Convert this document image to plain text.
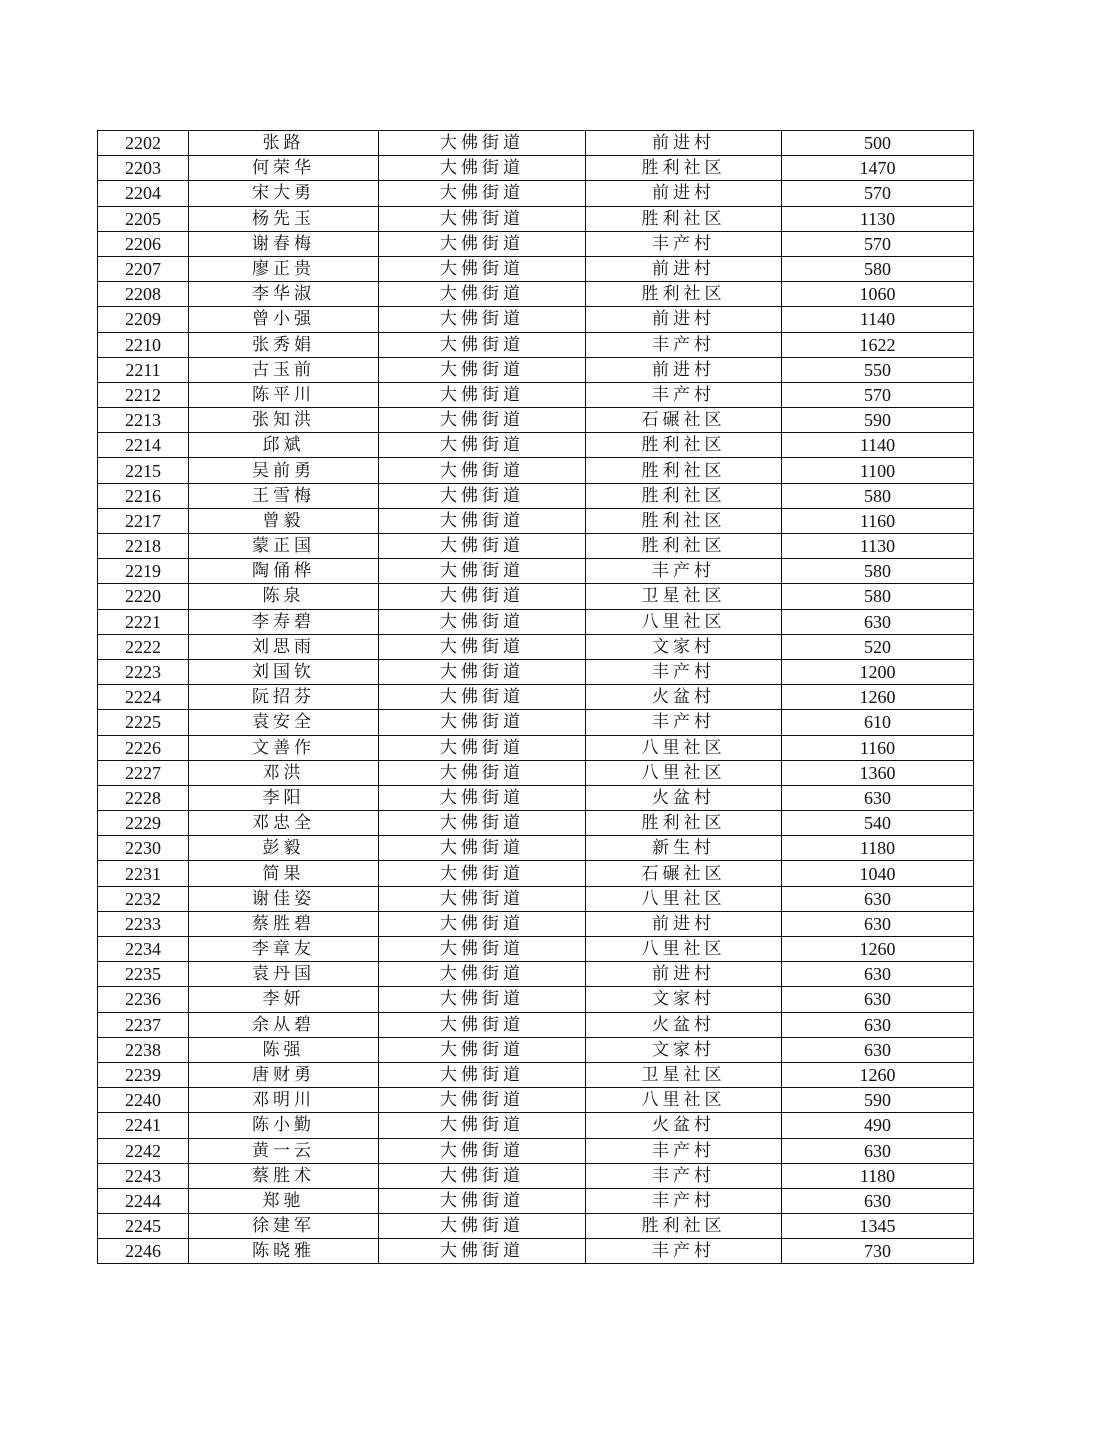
2202	张路	大佛街道	前进村	500
2203	何荣华	大佛街道	胜利社区	1470
2204	宋大勇	大佛街道	前进村	570
2205	杨先玉	大佛街道	胜利社区	1130
2206	谢春梅	大佛街道	丰产村	570
2207	廖正贵	大佛街道	前进村	580
2208	李华淑	大佛街道	胜利社区	1060
2209	曾小强	大佛街道	前进村	1140
2210	张秀娟	大佛街道	丰产村	1622
2211	古玉前	大佛街道	前进村	550
2212	陈平川	大佛街道	丰产村	570
2213	张知洪	大佛街道	石碾社区	590
2214	邱斌	大佛街道	胜利社区	1140
2215	吴前勇	大佛街道	胜利社区	1100
2216	王雪梅	大佛街道	胜利社区	580
2217	曾毅	大佛街道	胜利社区	1160
2218	蒙正国	大佛街道	胜利社区	1130
2219	陶俑桦	大佛街道	丰产村	580
2220	陈泉	大佛街道	卫星社区	580
2221	李寿碧	大佛街道	八里社区	630
2222	刘思雨	大佛街道	文家村	520
2223	刘国钦	大佛街道	丰产村	1200
2224	阮招芬	大佛街道	火盆村	1260
2225	袁安全	大佛街道	丰产村	610
2226	文善作	大佛街道	八里社区	1160
2227	邓洪	大佛街道	八里社区	1360
2228	李阳	大佛街道	火盆村	630
2229	邓忠全	大佛街道	胜利社区	540
2230	彭毅	大佛街道	新生村	1180
2231	简果	大佛街道	石碾社区	1040
2232	谢佳姿	大佛街道	八里社区	630
2233	蔡胜碧	大佛街道	前进村	630
2234	李章友	大佛街道	八里社区	1260
2235	袁丹国	大佛街道	前进村	630
2236	李妍	大佛街道	文家村	630
2237	余从碧	大佛街道	火盆村	630
2238	陈强	大佛街道	文家村	630
2239	唐财勇	大佛街道	卫星社区	1260
2240	邓明川	大佛街道	八里社区	590
2241	陈小勤	大佛街道	火盆村	490
2242	黄一云	大佛街道	丰产村	630
2243	蔡胜术	大佛街道	丰产村	1180
2244	郑驰	大佛街道	丰产村	630
2245	徐建军	大佛街道	胜利社区	1345
2246	陈晓雅	大佛街道	丰产村	730
